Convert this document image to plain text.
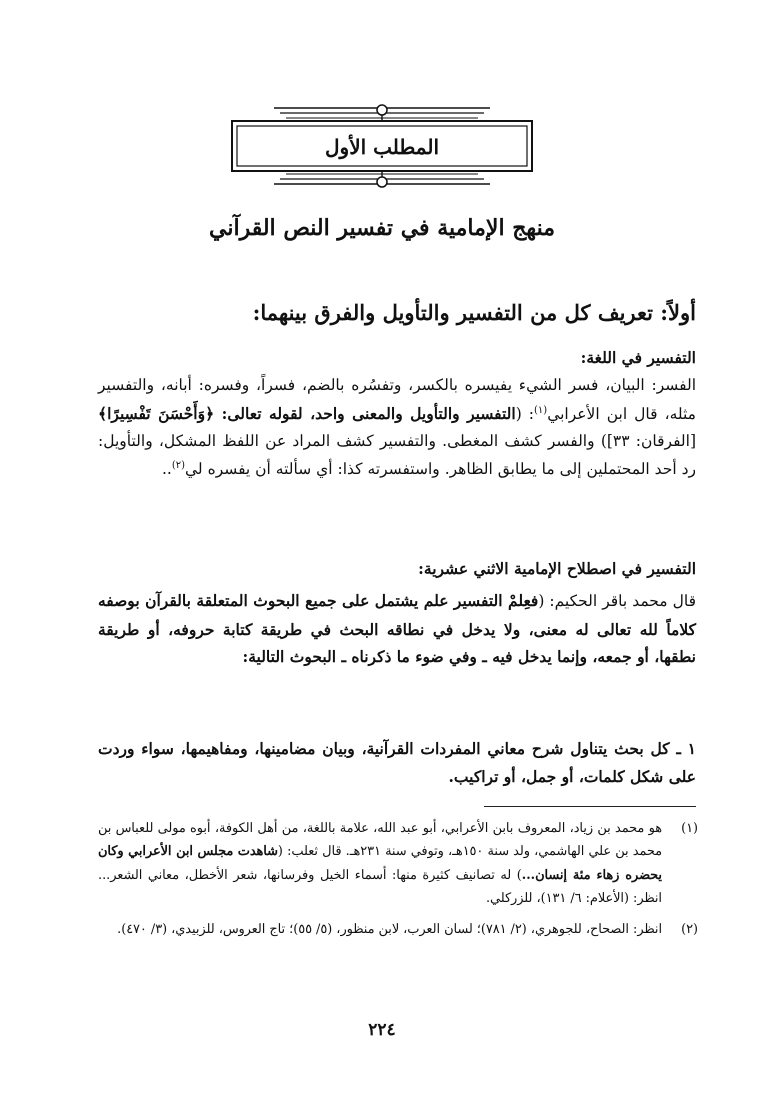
المطلب الأول
منهج الإمامية في تفسير النص القرآني
أولاً: تعريف كل من التفسير والتأويل والفرق بينهما:
التفسير في اللغة:

الفسر: البيان، فسر الشيء يفيسره بالكسر، وتفسُره بالضم، فسراً، وفسره: أبانه، والتفسير مثله، قال ابن الأعرابي$^{(١)}$: (التفسير والتأويل والمعنى واحد، لقوله تعالى: ﴿وَأَحْسَنَ تَفْسِيرًا﴾ [الفرقان: ٣٣]) والفسر كشف المغطى. والتفسير كشف المراد عن اللفظ المشكل، والتأويل: رد أحد المحتملين إلى ما يطابق الظاهر. واستفسرته كذا: أي سألته أن يفسره لي$^{(٢)}$..

التفسير في اصطلاح الإمامية الاثني عشرية:

قال محمد باقر الحكيم: (فعِلمْ التفسير علم يشتمل على جميع البحوث المتعلقة بالقرآن بوصفه كلاماً لله تعالى له معنى، ولا يدخل في نطاقه البحث في طريقة كتابة حروفه، أو طريقة نطقها، أو جمعه، وإنما يدخل فيه ـ وفي ضوء ما ذكرناه ـ البحوث التالية:

١ ـ كل بحث يتناول شرح معاني المفردات القرآنية، وبيان مضامينها، ومفاهيمها، سواء وردت على شكل كلمات، أو جمل، أو تراكيب.
(١)
هو محمد بن زياد، المعروف بابن الأعرابي، أبو عبد الله، علامة باللغة، من أهل الكوفة، أبوه مولى للعباس بن محمد بن علي الهاشمي، ولد سنة ١٥٠هـ، وتوفي سنة ٢٣١هـ. قال ثعلب: (شاهدت مجلس ابن الأعرابي وكان يحضره زهاء مئة إنسان...) له تصانيف كثيرة منها: أسماء الخيل وفرسانها، شعر الأخطل، معاني الشعر... انظر: (الأعلام: ٦/ ١٣١)، للزركلي.
(٢)
انظر: الصحاح، للجوهري، (٢/ ٧٨١)؛ لسان العرب، لابن منظور، (٥/ ٥٥)؛ تاج العروس، للزبيدي، (٣/ ٤٧٠).
٢٢٤
